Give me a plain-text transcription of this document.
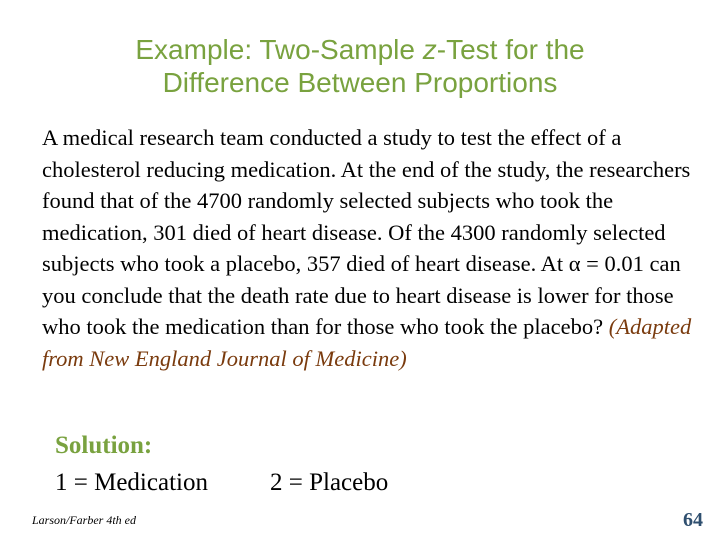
Example: Two-Sample z-Test for the
Difference Between Proportions
A medical research team conducted a study to test the effect of a cholesterol reducing medication. At the end of the study, the researchers found that of the 4700 randomly selected subjects who took the medication, 301 died of heart disease. Of the 4300 randomly selected subjects who took a placebo, 357 died of heart disease. At α = 0.01 can you conclude that the death rate due to heart disease is lower for those who took the medication than for those who took the placebo? (Adapted from New England Journal of Medicine)
Solution:
1 = Medication 2 = Placebo
Larson/Farber 4th ed	64
